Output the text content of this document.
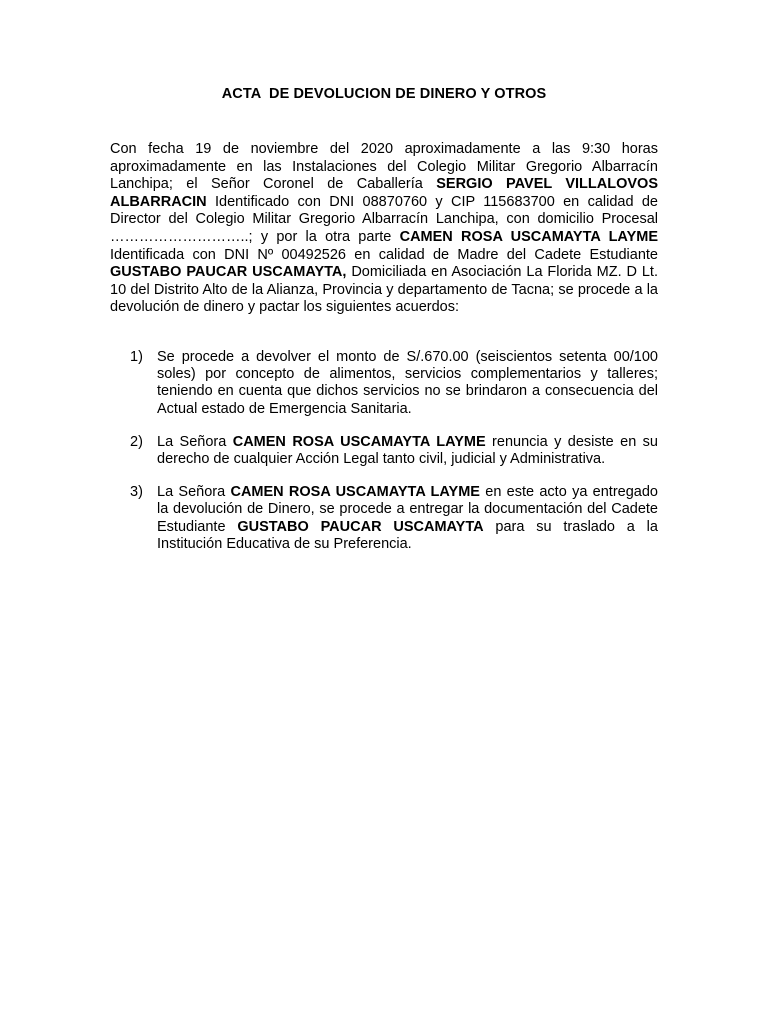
ACTA  DE DEVOLUCION DE DINERO Y OTROS

Con fecha 19 de noviembre del 2020 aproximadamente a las 9:30 horas aproximadamente en las Instalaciones del Colegio Militar Gregorio Albarracín Lanchipa; el Señor Coronel de Caballería SERGIO PAVEL VILLALOVOS ALBARRACIN Identificado con DNI 08870760 y CIP 115683700 en calidad de Director del Colegio Militar Gregorio Albarracín Lanchipa, con domicilio Procesal ………………………..; y por la otra parte CAMEN ROSA USCAMAYTA LAYME Identificada con DNI Nº 00492526 en calidad de Madre del Cadete Estudiante GUSTABO PAUCAR USCAMAYTA, Domiciliada en Asociación La Florida MZ. D Lt. 10 del Distrito Alto de la Alianza, Provincia y departamento de Tacna; se procede a la devolución de dinero y pactar los siguientes acuerdos:

1) Se procede a devolver el monto de S/.670.00 (seiscientos setenta 00/100 soles) por concepto de alimentos, servicios complementarios y talleres; teniendo en cuenta que dichos servicios no se brindaron a consecuencia del Actual estado de Emergencia Sanitaria.
2) La Señora CAMEN ROSA USCAMAYTA LAYME renuncia y desiste en su derecho de cualquier Acción Legal tanto civil, judicial y Administrativa.
3) La Señora CAMEN ROSA USCAMAYTA LAYME en este acto ya entregado la devolución de Dinero, se procede a entregar la documentación del Cadete Estudiante GUSTABO PAUCAR USCAMAYTA para su traslado a la Institución Educativa de su Preferencia.
